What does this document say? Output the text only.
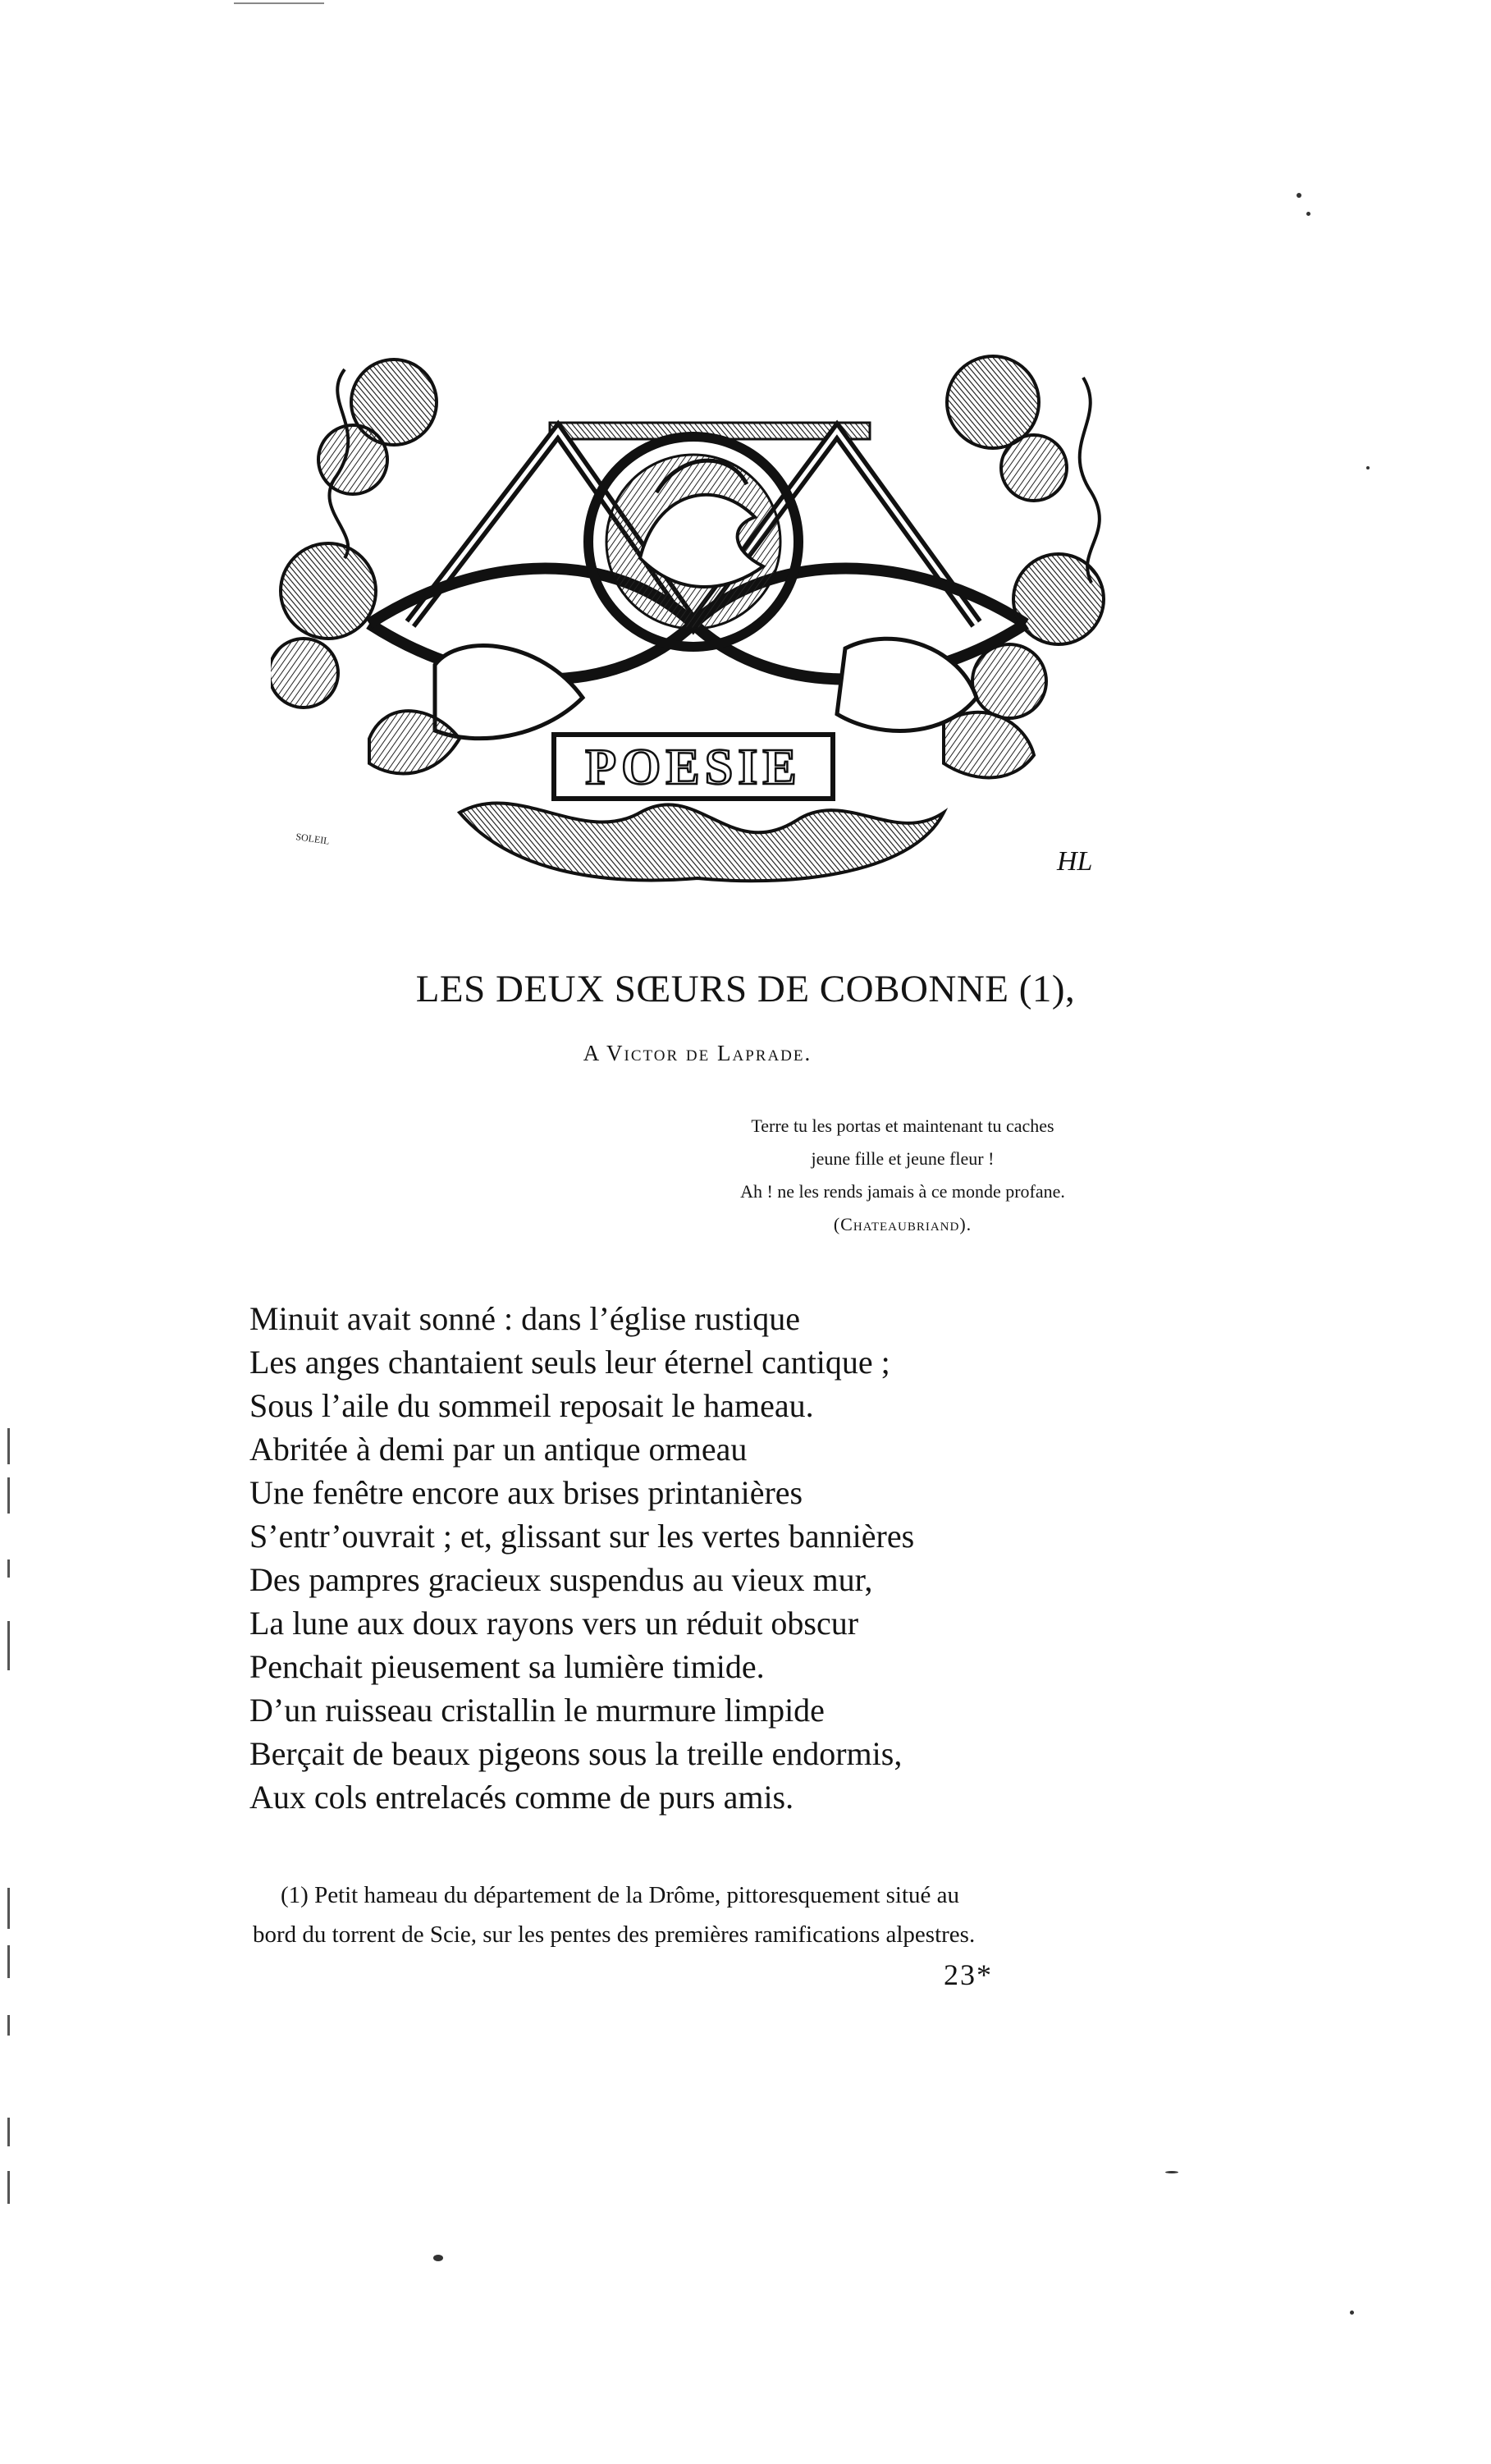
POESIE
SOLEIL
HL
LES DEUX SŒURS DE COBONNE (1),
A Victor de Laprade.
Terre tu les portas et maintenant tu caches
jeune fille et jeune fleur !
Ah ! ne les rends jamais à ce monde profane.
(Chateaubriand).
Minuit avait sonné : dans l’église rustique
Les anges chantaient seuls leur éternel cantique ;
Sous l’aile du sommeil reposait le hameau.
Abritée à demi par un antique ormeau
Une fenêtre encore aux brises printanières
S’entr’ouvrait ; et, glissant sur les vertes bannières
Des pampres gracieux suspendus au vieux mur,
La lune aux doux rayons vers un réduit obscur
Penchait pieusement sa lumière timide.
D’un ruisseau cristallin le murmure limpide
Berçait de beaux pigeons sous la treille endormis,
Aux cols entrelacés comme de purs amis.
(1) Petit hameau du département de la Drôme, pittoresquement situé au
bord du torrent de Scie, sur les pentes des premières ramifications alpestres.
23*
